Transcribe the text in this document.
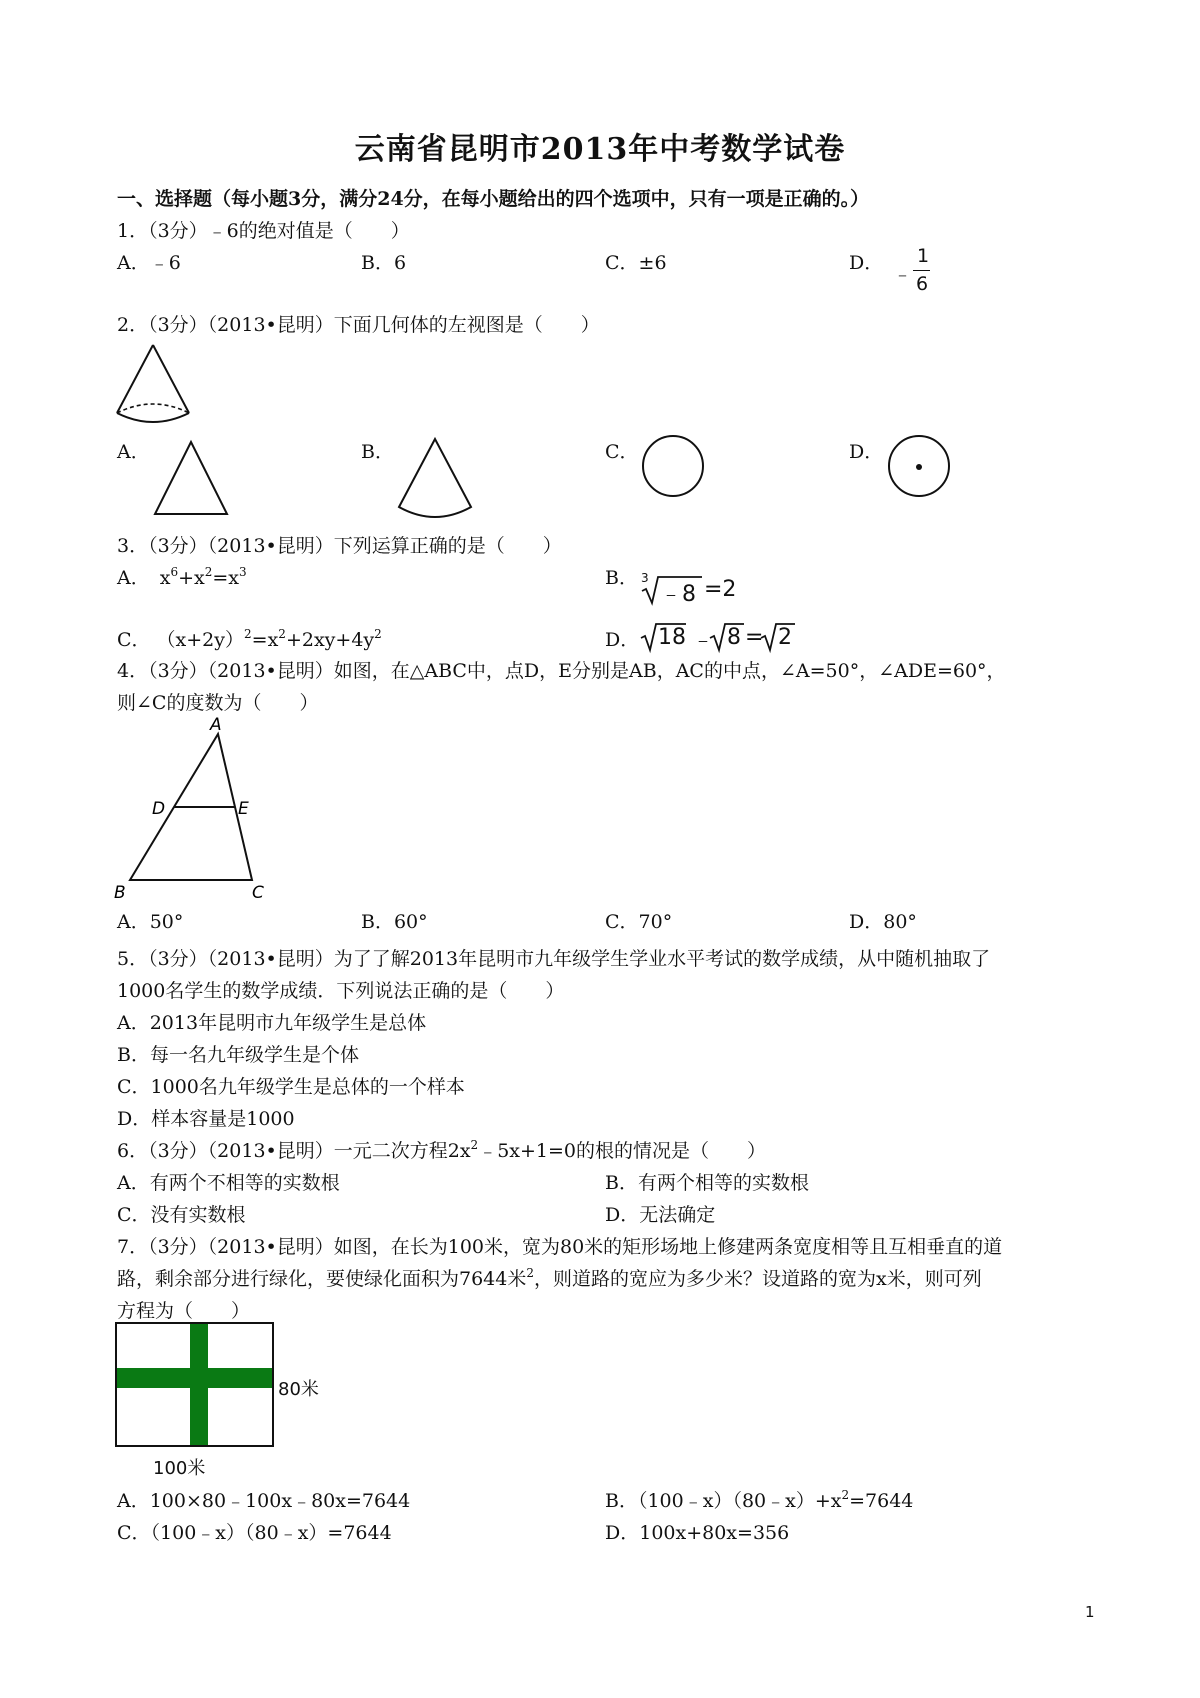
云南省昆明市2013年中考数学试卷
一、选择题（每小题3分，满分24分，在每小题给出的四个选项中，只有一项是正确的。）
1．（3分）﹣6的绝对值是（　　）
A．﹣6	B．6	C．±6	D． ﹣
1
6
2．（3分）（2013•昆明）下面几何体的左视图是（　　）
A．	B．	C．	D．
3．（3分）（2013•昆明）下列运算正确的是（　　）
A． $x^6+x^2=x^3$	B． 3
﹣8 =2
C． $(x+2y)^2=x^2+2xy+4y^2$	D． 18 ﹣ 8 = 2
4．（3分）（2013•昆明）如图，在△ABC中，点D，E分别是AB，AC的中点，∠A=50°，∠ADE=60°，
则∠C的度数为（　　）
A
D	E
B	C
A．50°	B．60°	C．70°	D．80°
5．（3分）（2013•昆明）为了了解2013年昆明市九年级学生学业水平考试的数学成绩，从中随机抽取了
1000名学生的数学成绩．下列说法正确的是（　　）
A．2013年昆明市九年级学生是总体
B．每一名九年级学生是个体
C．1000名九年级学生是总体的一个样本
D．样本容量是1000
6．（3分）（2013•昆明）一元二次方程$2x^2﹣5x+1=0$的根的情况是（　　）
A．有两个不相等的实数根	B．有两个相等的实数根
C．没有实数根	D．无法确定
7．（3分）（2013•昆明）如图，在长为100米，宽为80米的矩形场地上修建两条宽度相等且互相垂直的道
路，剩余部分进行绿化，要使绿化面积为7644米$^2$，则道路的宽应为多少米？设道路的宽为x米，则可列
方程为（　　）
80米
100米
A．100×80﹣100x﹣80x=7644	B．$(100﹣x)(80﹣x)+x^2=7644$
C．（100﹣x）（80﹣x）=7644	D．100x+80x=356
1
